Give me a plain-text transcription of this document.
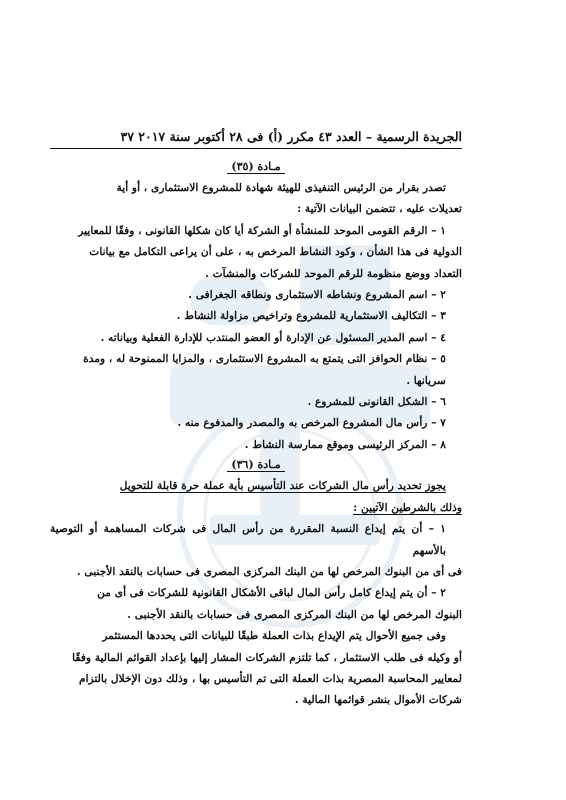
الجريدة الرسمية – العدد ٤٣ مكرر (أ) فى ٢٨ أكتوبر سنة ٢٠١٧ ٣٧
مـادة (٣٥)

تصدر بقرار من الرئيس التنفيذى للهيئة شهادة للمشروع الاستثمارى ، أو أية

تعديلات عليه ، تتضمن البيانات الآتية :

١ – الرقم القومى الموحد للمنشأة أو الشركة أيا كان شكلها القانونى ، وفقًا للمعايير

الدولية فى هذا الشأن ، وكود النشاط المرخص به ، على أن يراعى التكامل مع بيانات

التعداد ووضع منظومة للرقم الموحد للشركات والمنشآت .

٢ – اسم المشروع ونشاطه الاستثمارى ونطاقه الجغرافى .

٣ – التكاليف الاستثمارية للمشروع وتراخيص مزاولة النشاط .

٤ – اسم المدير المسئول عن الإدارة أو العضو المنتدب للإدارة الفعلية وبياناته .

٥ – نظام الحوافز التى يتمتع به المشروع الاستثمارى ، والمزايا الممنوحة له ، ومدة سريانها .

٦ – الشكل القانونى للمشروع .

٧ – رأس مال المشروع المرخص به والمصدر والمدفوع منه .

٨ – المركز الرئيسى وموقع ممارسة النشاط .

مـادة (٣٦)

يجوز تحديد رأس مال الشركات عند التأسيس بأية عملة حرة قابلة للتحويل

وذلك بالشرطين الآتيين :

١ – أن يتم إيداع النسبة المقررة من رأس المال فى شركات المساهمة أو التوصية بالأسهم

فى أى من البنوك المرخص لها من البنك المركزى المصرى فى حسابات بالنقد الأجنبى .

٢ – أن يتم إيداع كامل رأس المال لباقى الأشكال القانونية للشركات فى أى من

البنوك المرخص لها من البنك المركزى المصرى فى حسابات بالنقد الأجنبى .

وفى جميع الأحوال يتم الإيداع بذات العملة طبقًا للبيانات التى يحددها المستثمر

أو وكيله فى طلب الاستثمار ، كما تلتزم الشركات المشار إليها بإعداد القوائم المالية وفقًا

لمعايير المحاسبة المصرية بذات العملة التى تم التأسيس بها ، وذلك دون الإخلال بالتزام

شركات الأموال بنشر قوائمها المالية .
